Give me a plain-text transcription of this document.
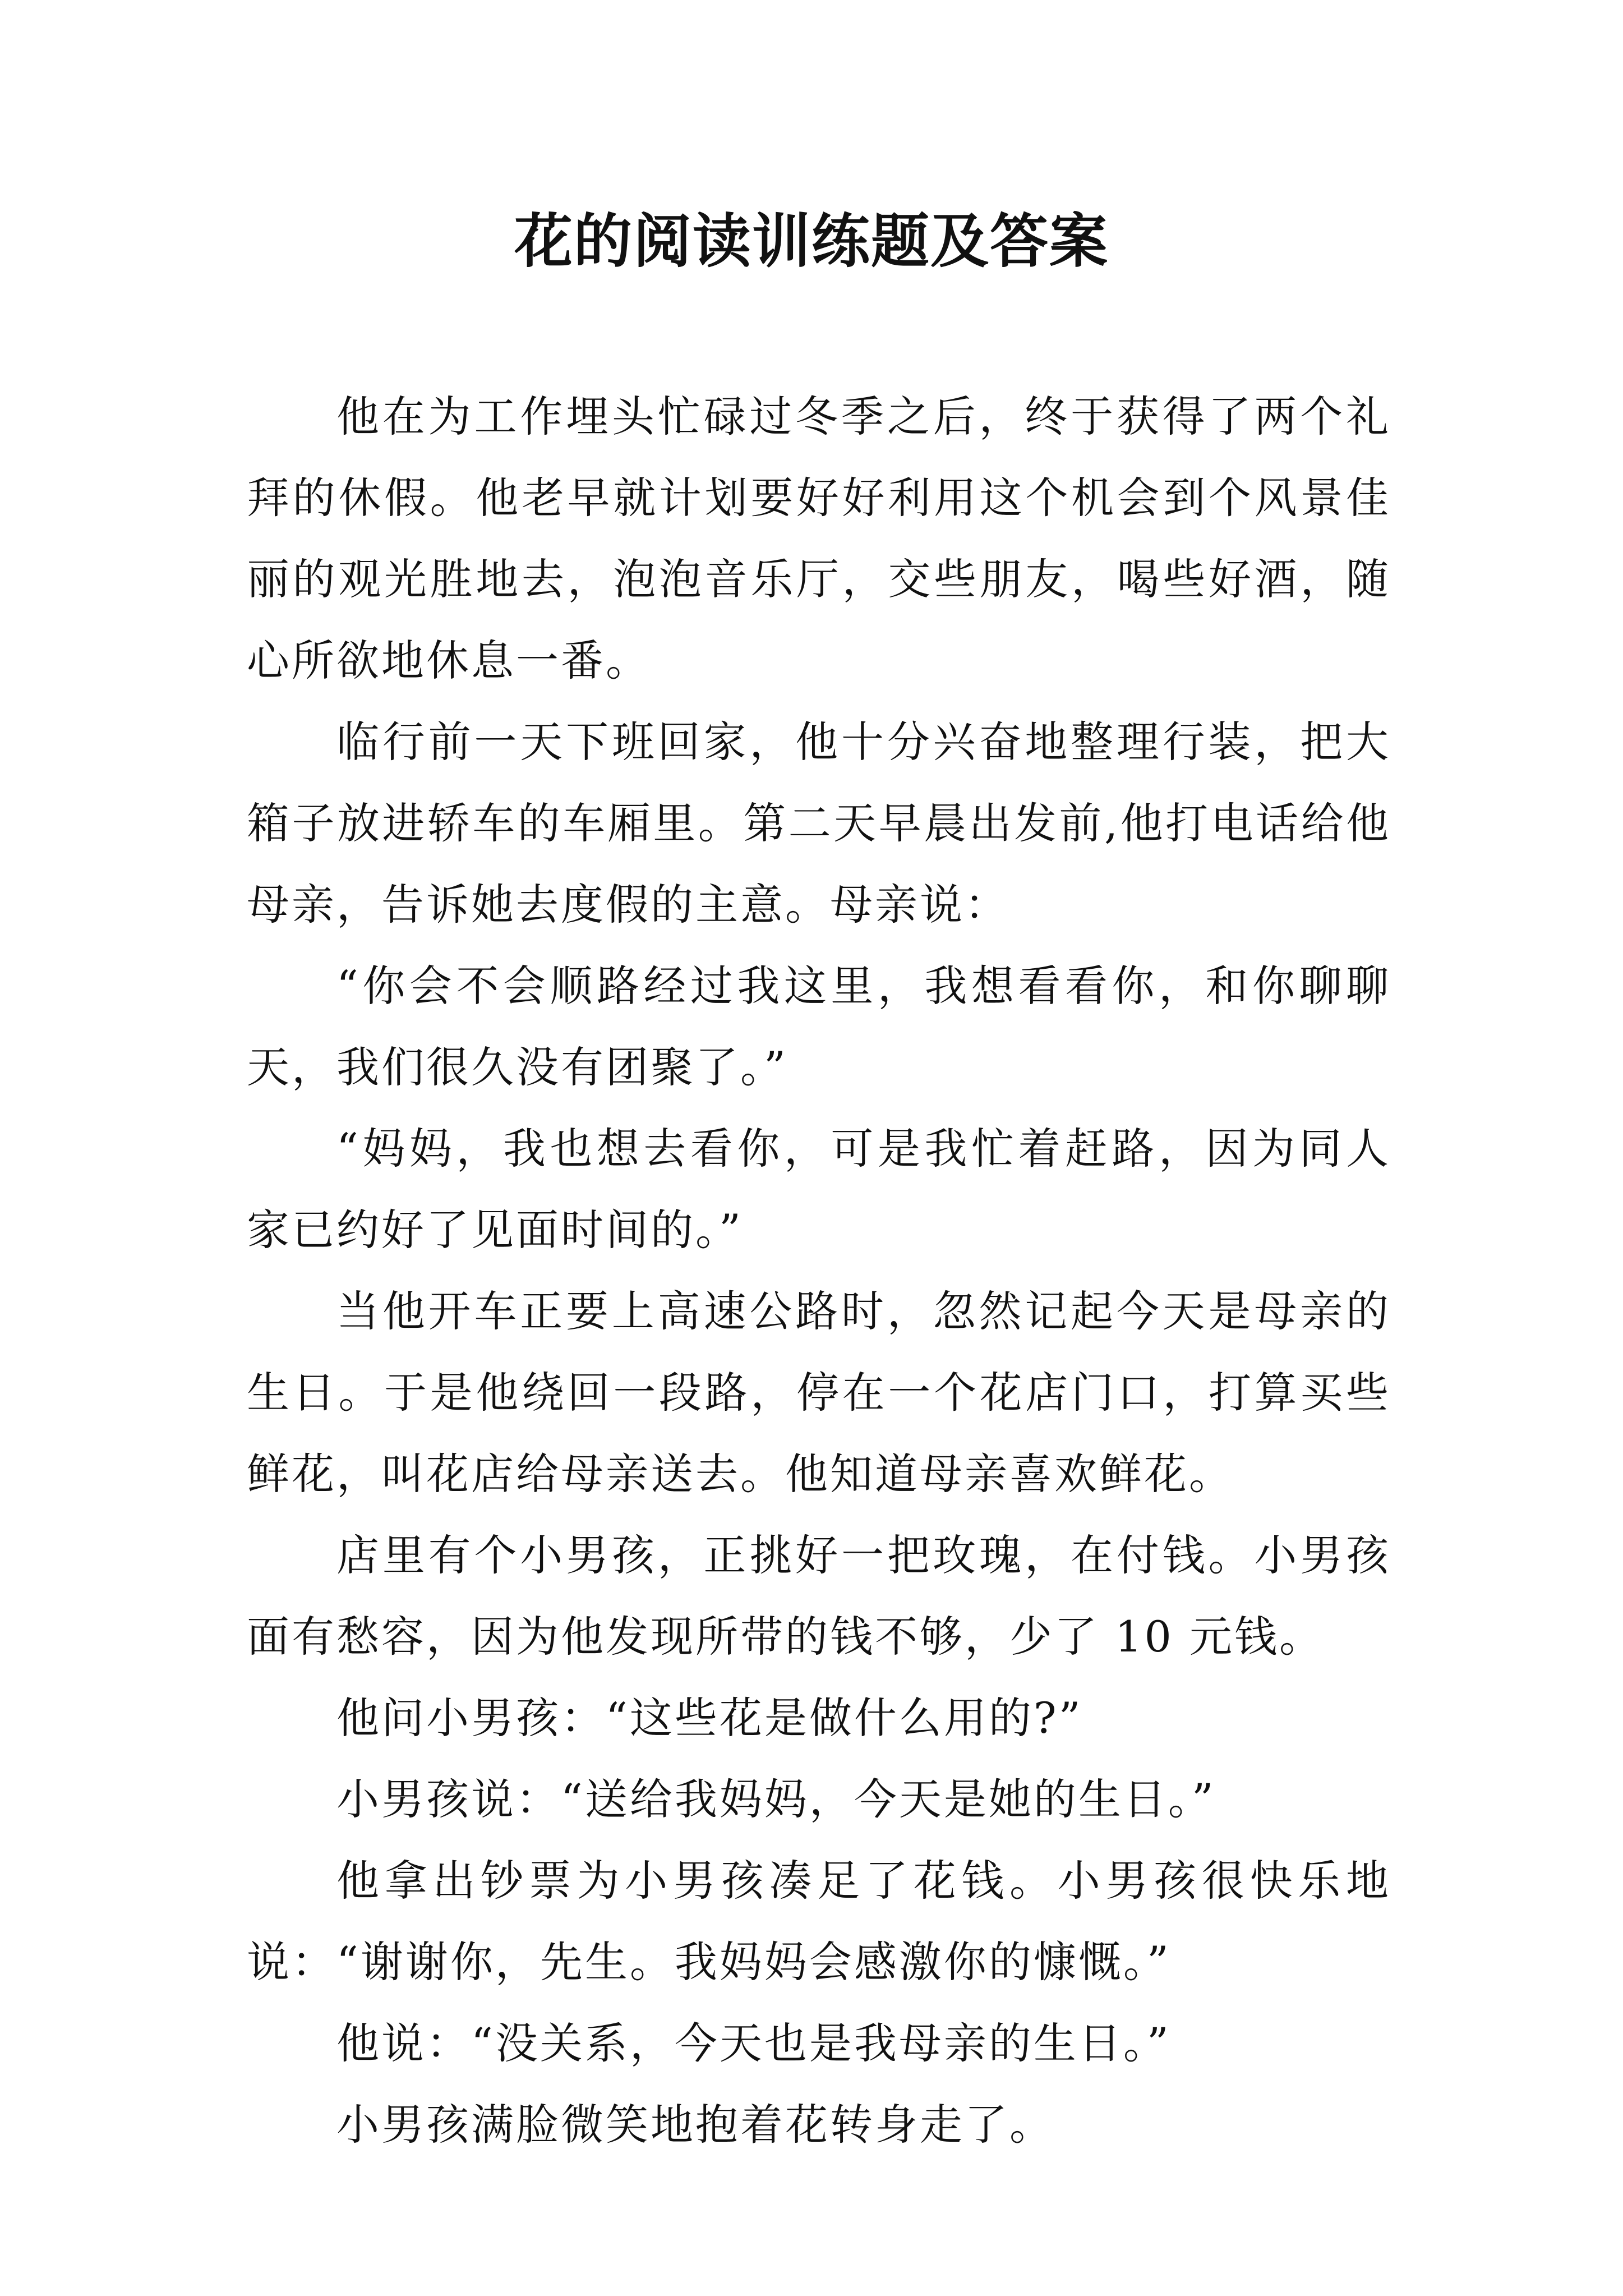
花的阅读训练题及答案

他在为工作埋头忙碌过冬季之后，终于获得了两个礼拜的休假。他老早就计划要好好利用这个机会到个风景佳丽的观光胜地去，泡泡音乐厅，交些朋友，喝些好酒，随心所欲地休息一番。

临行前一天下班回家，他十分兴奋地整理行装，把大箱子放进轿车的车厢里。第二天早晨出发前,他打电话给他母亲，告诉她去度假的主意。母亲说：

“你会不会顺路经过我这里，我想看看你，和你聊聊天，我们很久没有团聚了。”

“妈妈，我也想去看你，可是我忙着赶路，因为同人家已约好了见面时间的。”

当他开车正要上高速公路时，忽然记起今天是母亲的生日。于是他绕回一段路，停在一个花店门口，打算买些鲜花，叫花店给母亲送去。他知道母亲喜欢鲜花。

店里有个小男孩，正挑好一把玫瑰，在付钱。小男孩面有愁容，因为他发现所带的钱不够，少了 10 元钱。

他问小男孩：“这些花是做什么用的?”

小男孩说：“送给我妈妈，今天是她的生日。”

他拿出钞票为小男孩凑足了花钱。小男孩很快乐地说：“谢谢你，先生。我妈妈会感激你的慷慨。”

他说：“没关系，今天也是我母亲的生日。”

小男孩满脸微笑地抱着花转身走了。
